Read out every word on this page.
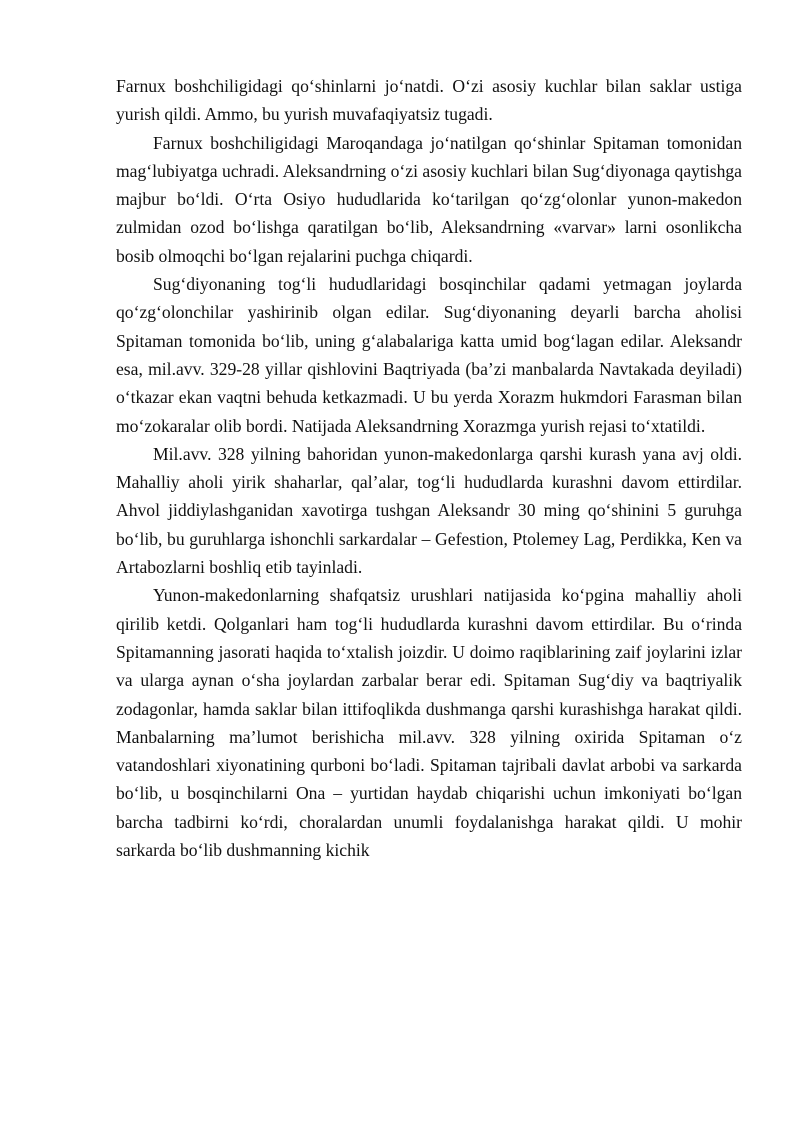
Farnux boshchiligidagi qo‘shinlarni jo‘natdi. O‘zi asosiy kuchlar bilan saklar ustiga yurish qildi. Ammo, bu yurish muvafaqiyatsiz tugadi.

Farnux boshchiligidagi Maroqandaga jo‘natilgan qo‘shinlar Spitaman tomonidan mag‘lubiyatga uchradi. Aleksandrning o‘zi asosiy kuchlari bilan Sug‘diyonaga qaytishga majbur bo‘ldi. O‘rta Osiyo hududlarida ko‘tarilgan qo‘zg‘olonlar yunon-makedon zulmidan ozod bo‘lishga qaratilgan bo‘lib, Aleksandrning «varvar» larni osonlikcha bosib olmoqchi bo‘lgan rejalarini puchga chiqardi.

Sug‘diyonaning tog‘li hududlaridagi bosqinchilar qadami yetmagan joylarda qo‘zg‘olonchilar yashirinib olgan edilar. Sug‘diyonaning deyarli barcha aholisi Spitaman tomonida bo‘lib, uning g‘alabalariga katta umid bog‘lagan edilar. Aleksandr esa, mil.avv. 329-28 yillar qishlovini Baqtriyada (ba’zi manbalarda Navtakada deyiladi) o‘tkazar ekan vaqtni behuda ketkazmadi. U bu yerda Xorazm hukmdori Farasman bilan mo‘zokaralar olib bordi. Natijada Aleksandrning Xorazmga yurish rejasi to‘xtatildi.

Mil.avv. 328 yilning bahoridan yunon-makedonlarga qarshi kurash yana avj oldi. Mahalliy aholi yirik shaharlar, qal’alar, tog‘li hududlarda kurashni davom ettirdilar. Ahvol jiddiylashganidan xavotirga tushgan Aleksandr 30 ming qo‘shinini 5 guruhga bo‘lib, bu guruhlarga ishonchli sarkardalar – Gefestion, Ptolemey Lag, Perdikka, Ken va Artabozlarni boshliq etib tayinladi.

Yunon-makedonlarning shafqatsiz urushlari natijasida ko‘pgina mahalliy aholi qirilib ketdi. Qolganlari ham tog‘li hududlarda kurashni davom ettirdilar. Bu o‘rinda Spitamanning jasorati haqida to‘xtalish joizdir. U doimo raqiblarining zaif joylarini izlar va ularga aynan o‘sha joylardan zarbalar berar edi. Spitaman Sug‘diy va baqtriyalik zodagonlar, hamda saklar bilan ittifoqlikda dushmanga qarshi kurashishga harakat qildi. Manbalarning ma’lumot berishicha mil.avv. 328 yilning oxirida Spitaman o‘z vatandoshlari xiyonatining qurboni bo‘ladi. Spitaman tajribali davlat arbobi va sarkarda bo‘lib, u bosqinchilarni Ona – yurtidan haydab chiqarishi uchun imkoniyati bo‘lgan barcha tadbirni ko‘rdi, choralardan unumli foydalanishga harakat qildi. U mohir sarkarda bo‘lib dushmanning kichik
